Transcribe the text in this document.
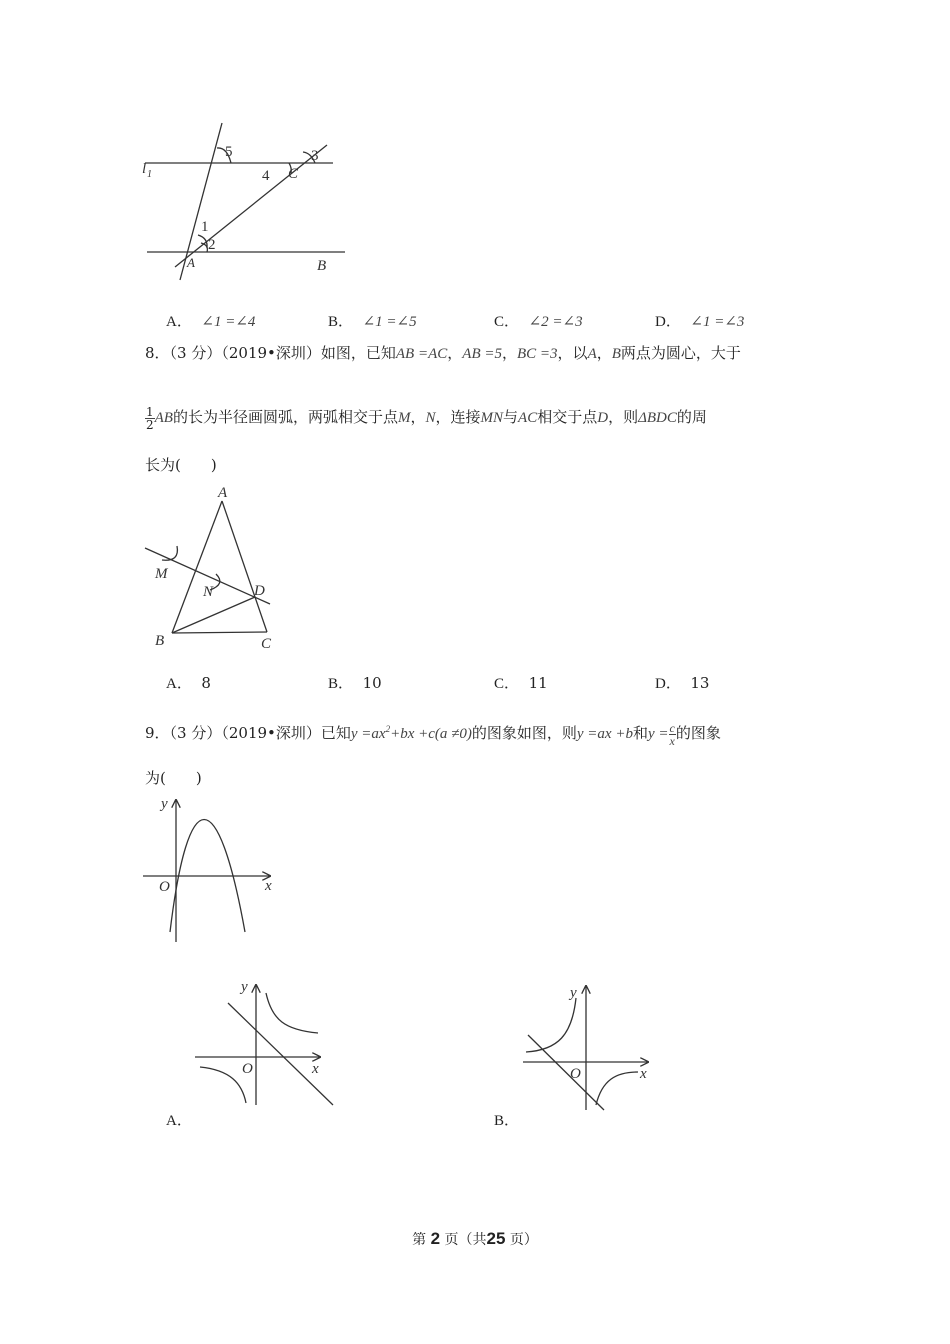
l 1
5	3
4 C
1
2
A	B
A． ∠1 =∠4	B． ∠1 =∠5	C． ∠2 =∠3	D． ∠1 =∠3
8．（3 分）（2019•深圳）如图，已知AB =AC，AB =5，BC =3，以A，B两点为圆心，大于
$\frac{1}{2}$ AB的长为半径画圆弧，两弧相交于点M，N，连接MN与AC相交于点D，则ΔBDC的周
长为(　　)
A
M
N	D
B	C
A． 8	B． 10	C． 11	D． 13
9．（3 分）（2019•深圳）已知$y =ax^2+bx +c(a \ne 0)$的图象如图，则y =ax +b和$y = \frac{c}{x}$ 的图象
为(　　)
y
x
O
y
x
O
A．
y
x
O
B．
第 2 页（共25 页）
